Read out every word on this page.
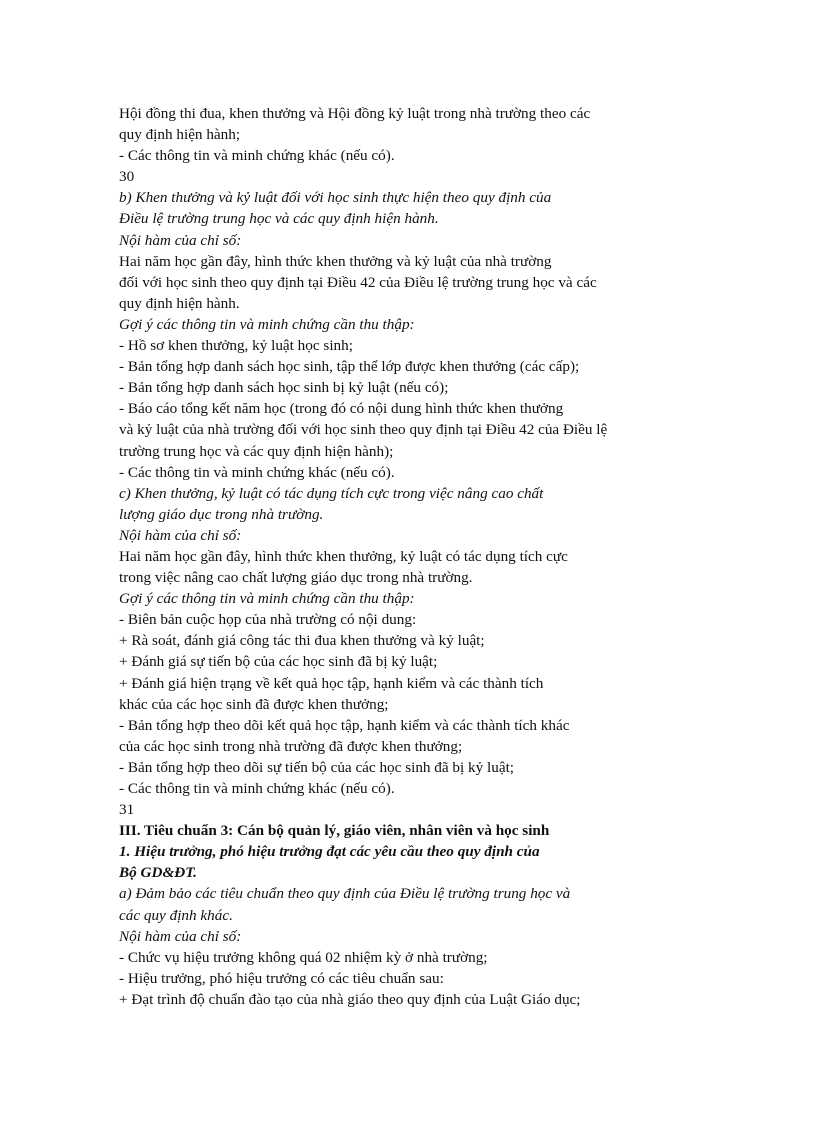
Hội đồng thi đua, khen thưởng và Hội đồng kỷ luật trong nhà trường theo các
quy định hiện hành;
- Các thông tin và minh chứng khác (nếu có).
30
b) Khen thưởng và kỷ luật đối với học sinh thực hiện theo quy định của
Điều lệ trường trung học và các quy định hiện hành.
Nội hàm của chỉ số:
Hai năm học gần đây, hình thức khen thưởng và kỷ luật của nhà trường
đối với học sinh theo quy định tại Điều 42 của Điều lệ trường trung học và các
quy định hiện hành.
Gợi ý các thông tin và minh chứng cần thu thập:
- Hồ sơ khen thưởng, kỷ luật học sinh;
- Bản tổng hợp danh sách học sinh, tập thể lớp được khen thưởng (các cấp);
- Bản tổng hợp danh sách học sinh bị kỷ luật (nếu có);
- Báo cáo tổng kết năm học (trong đó có nội dung hình thức khen thưởng
và kỷ luật của nhà trường đối với học sinh theo quy định tại Điều 42 của Điều lệ
trường trung học và các quy định hiện hành);
- Các thông tin và minh chứng khác (nếu có).
c) Khen thưởng, kỷ luật có tác dụng tích cực trong việc nâng cao chất
lượng giáo dục trong nhà trường.
Nội hàm của chỉ số:
Hai năm học gần đây, hình thức khen thưởng, kỷ luật có tác dụng tích cực
trong việc nâng cao chất lượng giáo dục trong nhà trường.
Gợi ý các thông tin và minh chứng cần thu thập:
- Biên bản cuộc họp của nhà trường có nội dung:
+ Rà soát, đánh giá công tác thi đua khen thưởng và kỷ luật;
+ Đánh giá sự tiến bộ của các học sinh đã bị kỷ luật;
+ Đánh giá hiện trạng về kết quả học tập, hạnh kiểm và các thành tích
khác của các học sinh đã được khen thưởng;
- Bản tổng hợp theo dõi kết quả học tập, hạnh kiểm và các thành tích khác
của các học sinh trong nhà trường đã được khen thưởng;
- Bản tổng hợp theo dõi sự tiến bộ của các học sinh đã bị kỷ luật;
- Các thông tin và minh chứng khác (nếu có).
31
III. Tiêu chuẩn 3: Cán bộ quản lý, giáo viên, nhân viên và học sinh
1. Hiệu trưởng, phó hiệu trưởng đạt các yêu cầu theo quy định của
Bộ GD&ĐT.
a) Đảm bảo các tiêu chuẩn theo quy định của Điều lệ trường trung học và
các quy định khác.
Nội hàm của chỉ số:
- Chức vụ hiệu trưởng không quá 02 nhiệm kỳ ở nhà trường;
- Hiệu trưởng, phó hiệu trưởng có các tiêu chuẩn sau:
+ Đạt trình độ chuẩn đào tạo của nhà giáo theo quy định của Luật Giáo dục;
